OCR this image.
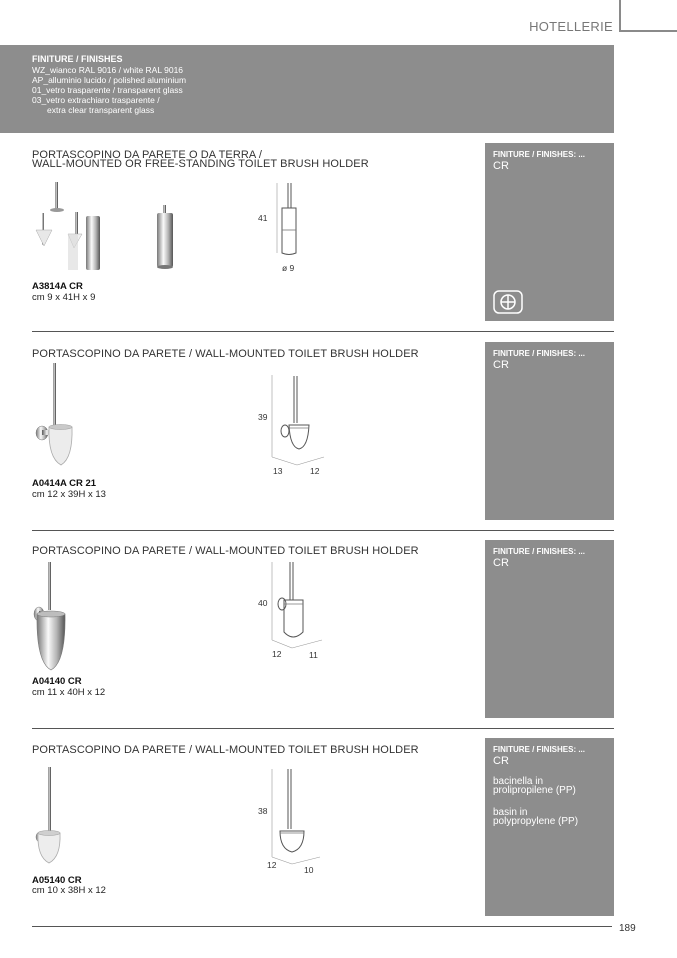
HOTELLERIE
FINITURE / FINISHES
WZ_wianco RAL 9016 / white RAL 9016
AP_alluminio lucido / polished aluminium
01_vetro trasparente / transparent glass
03_vetro extrachiaro trasparente /
extra clear transparent glass
PORTASCOPINO DA PARETE O DA TERRA /
WALL-MOUNTED OR FREE-STANDING TOILET BRUSH HOLDER
41
ø 9
A3814A CR
cm 9 x 41H x 9
FINITURE / FINISHES: ...
CR
PORTASCOPINO DA PARETE / WALL-MOUNTED TOILET BRUSH HOLDER
39
13	12
A0414A CR 21
cm 12 x 39H x 13
FINITURE / FINISHES: ...
CR
PORTASCOPINO DA PARETE / WALL-MOUNTED TOILET BRUSH HOLDER
40
12	11
A04140 CR
cm 11 x 40H x 12
FINITURE / FINISHES: ...
CR
PORTASCOPINO DA PARETE / WALL-MOUNTED TOILET BRUSH HOLDER
38
12	10
A05140 CR
cm 10 x 38H x 12
FINITURE / FINISHES: ...
CR
bacinella in
prolipropilene (PP)
basin in
polypropylene (PP)
189
